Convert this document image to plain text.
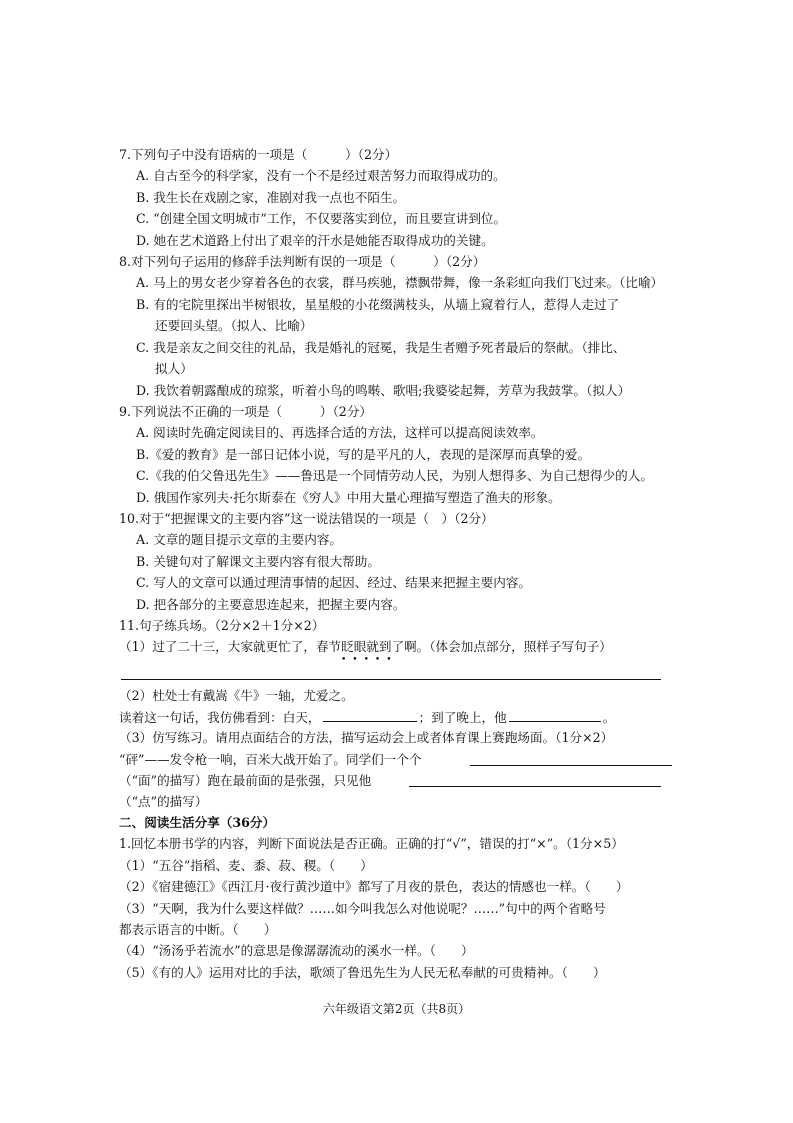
7.下列句子中没有语病的一项是（　　　）（2分）
A. 自古至今的科学家，没有一个不是经过艰苦努力而取得成功的。
B. 我生长在戏剧之家，准剧对我一点也不陌生。
C. “创建全国文明城市”工作，不仅要落实到位，而且要宣讲到位。
D. 她在艺术道路上付出了艰辛的汗水是她能否取得成功的关键。
8.对下列句子运用的修辞手法判断有误的一项是（　　　）（2分）
A. 马上的男女老少穿着各色的衣裳，群马疾驰，襟飘带舞，像一条彩虹向我们飞过来。（比喻）
B. 有的宅院里探出半树银妆，星星般的小花缀满枝头，从墙上窥着行人，惹得人走过了
还要回头望。（拟人、比喻）
C. 我是亲友之间交往的礼品，我是婚礼的冠冕，我是生者赠予死者最后的祭献。（排比、
拟人）
D. 我饮着朝露酿成的琼浆，听着小鸟的鸣啭、歌唱;我婆娑起舞，芳草为我鼓掌。（拟人）
9.下列说法不正确的一项是（　　　）（2分）
A. 阅读时先确定阅读目的、再选择合适的方法，这样可以提高阅读效率。
B.《爱的教育》是一部日记体小说，写的是平凡的人，表现的是深厚而真挚的爱。
C.《我的伯父鲁迅先生》——鲁迅是一个同情劳动人民，为别人想得多、为自己想得少的人。
D. 俄国作家列夫·托尔斯泰在《穷人》中用大量心理描写塑造了渔夫的形象。
10.对于“把握课文的主要内容”这一说法错误的一项是（　）（2分）
A. 文章的题目提示文章的主要内容。
B. 关键句对了解课文主要内容有很大帮助。
C. 写人的文章可以通过理清事情的起因、经过、结果来把握主要内容。
D. 把各部分的主要意思连起来，把握主要内容。
11.句子练兵场。（2分×2＋1分×2）
（1）过了二十三，大家就更忙了，春节眨眼就到了啊。（体会加点部分，照样子写句子）
•••••
（2）杜处士有戴嵩《牛》一轴，尤爱之。
读着这一句话，我仿佛看到：白天，	；到了晚上，他	。
（3）仿写练习。请用点面结合的方法，描写运动会上或者体育课上赛跑场面。（1分×2）
“砰”——发令枪一响，百米大战开始了。同学们一个个
（“面”的描写）跑在最前面的是张强，只见他
（“点”的描写）
二、阅读生活分享（36分）
1.回忆本册书学的内容，判断下面说法是否正确。正确的打“√”，错误的打“×”。（1分×5）
（1）“五谷”指稻、麦、黍、菽、稷。（　　）
（2）《宿建德江》《西江月·夜行黄沙道中》都写了月夜的景色，表达的情感也一样。（　　）
（3）“天啊，我为什么要这样做？……如今叫我怎么对他说呢？……”句中的两个省略号
都表示语言的中断。（　　）
（4）“汤汤乎若流水”的意思是像潺潺流动的溪水一样。（　　）
（5）《有的人》运用对比的手法，歌颂了鲁迅先生为人民无私奉献的可贵精神。（　　）
六年级语文第2页（共8页）
